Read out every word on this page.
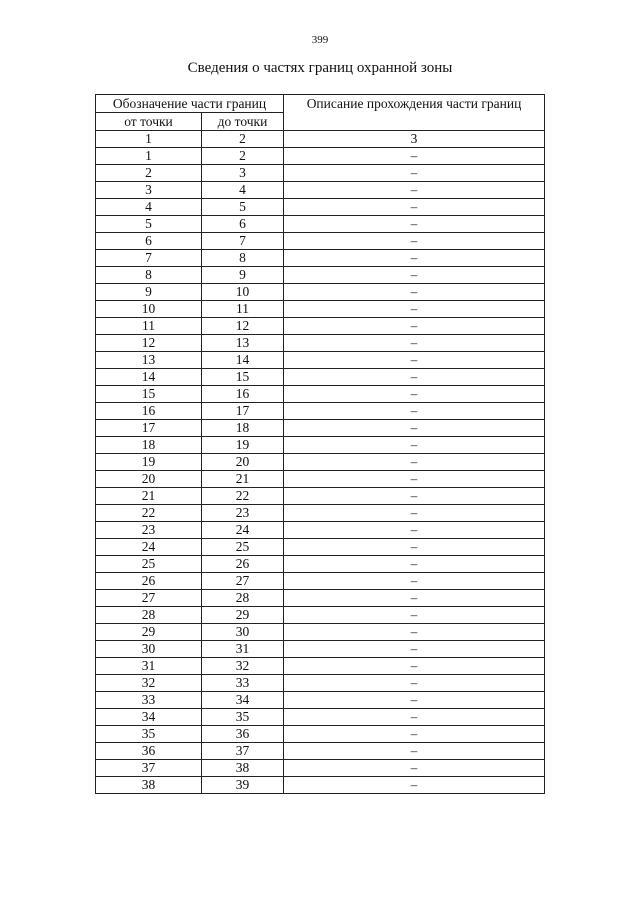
399
Сведения о частях границ охранной зоны
Обозначение части границ		Описание прохождения части границ
от точки	до точки	
1	2	3
1	2	–
2	3	–
3	4	–
4	5	–
5	6	–
6	7	–
7	8	–
8	9	–
9	10	–
10	11	–
11	12	–
12	13	–
13	14	–
14	15	–
15	16	–
16	17	–
17	18	–
18	19	–
19	20	–
20	21	–
21	22	–
22	23	–
23	24	–
24	25	–
25	26	–
26	27	–
27	28	–
28	29	–
29	30	–
30	31	–
31	32	–
32	33	–
33	34	–
34	35	–
35	36	–
36	37	–
37	38	–
38	39	–
